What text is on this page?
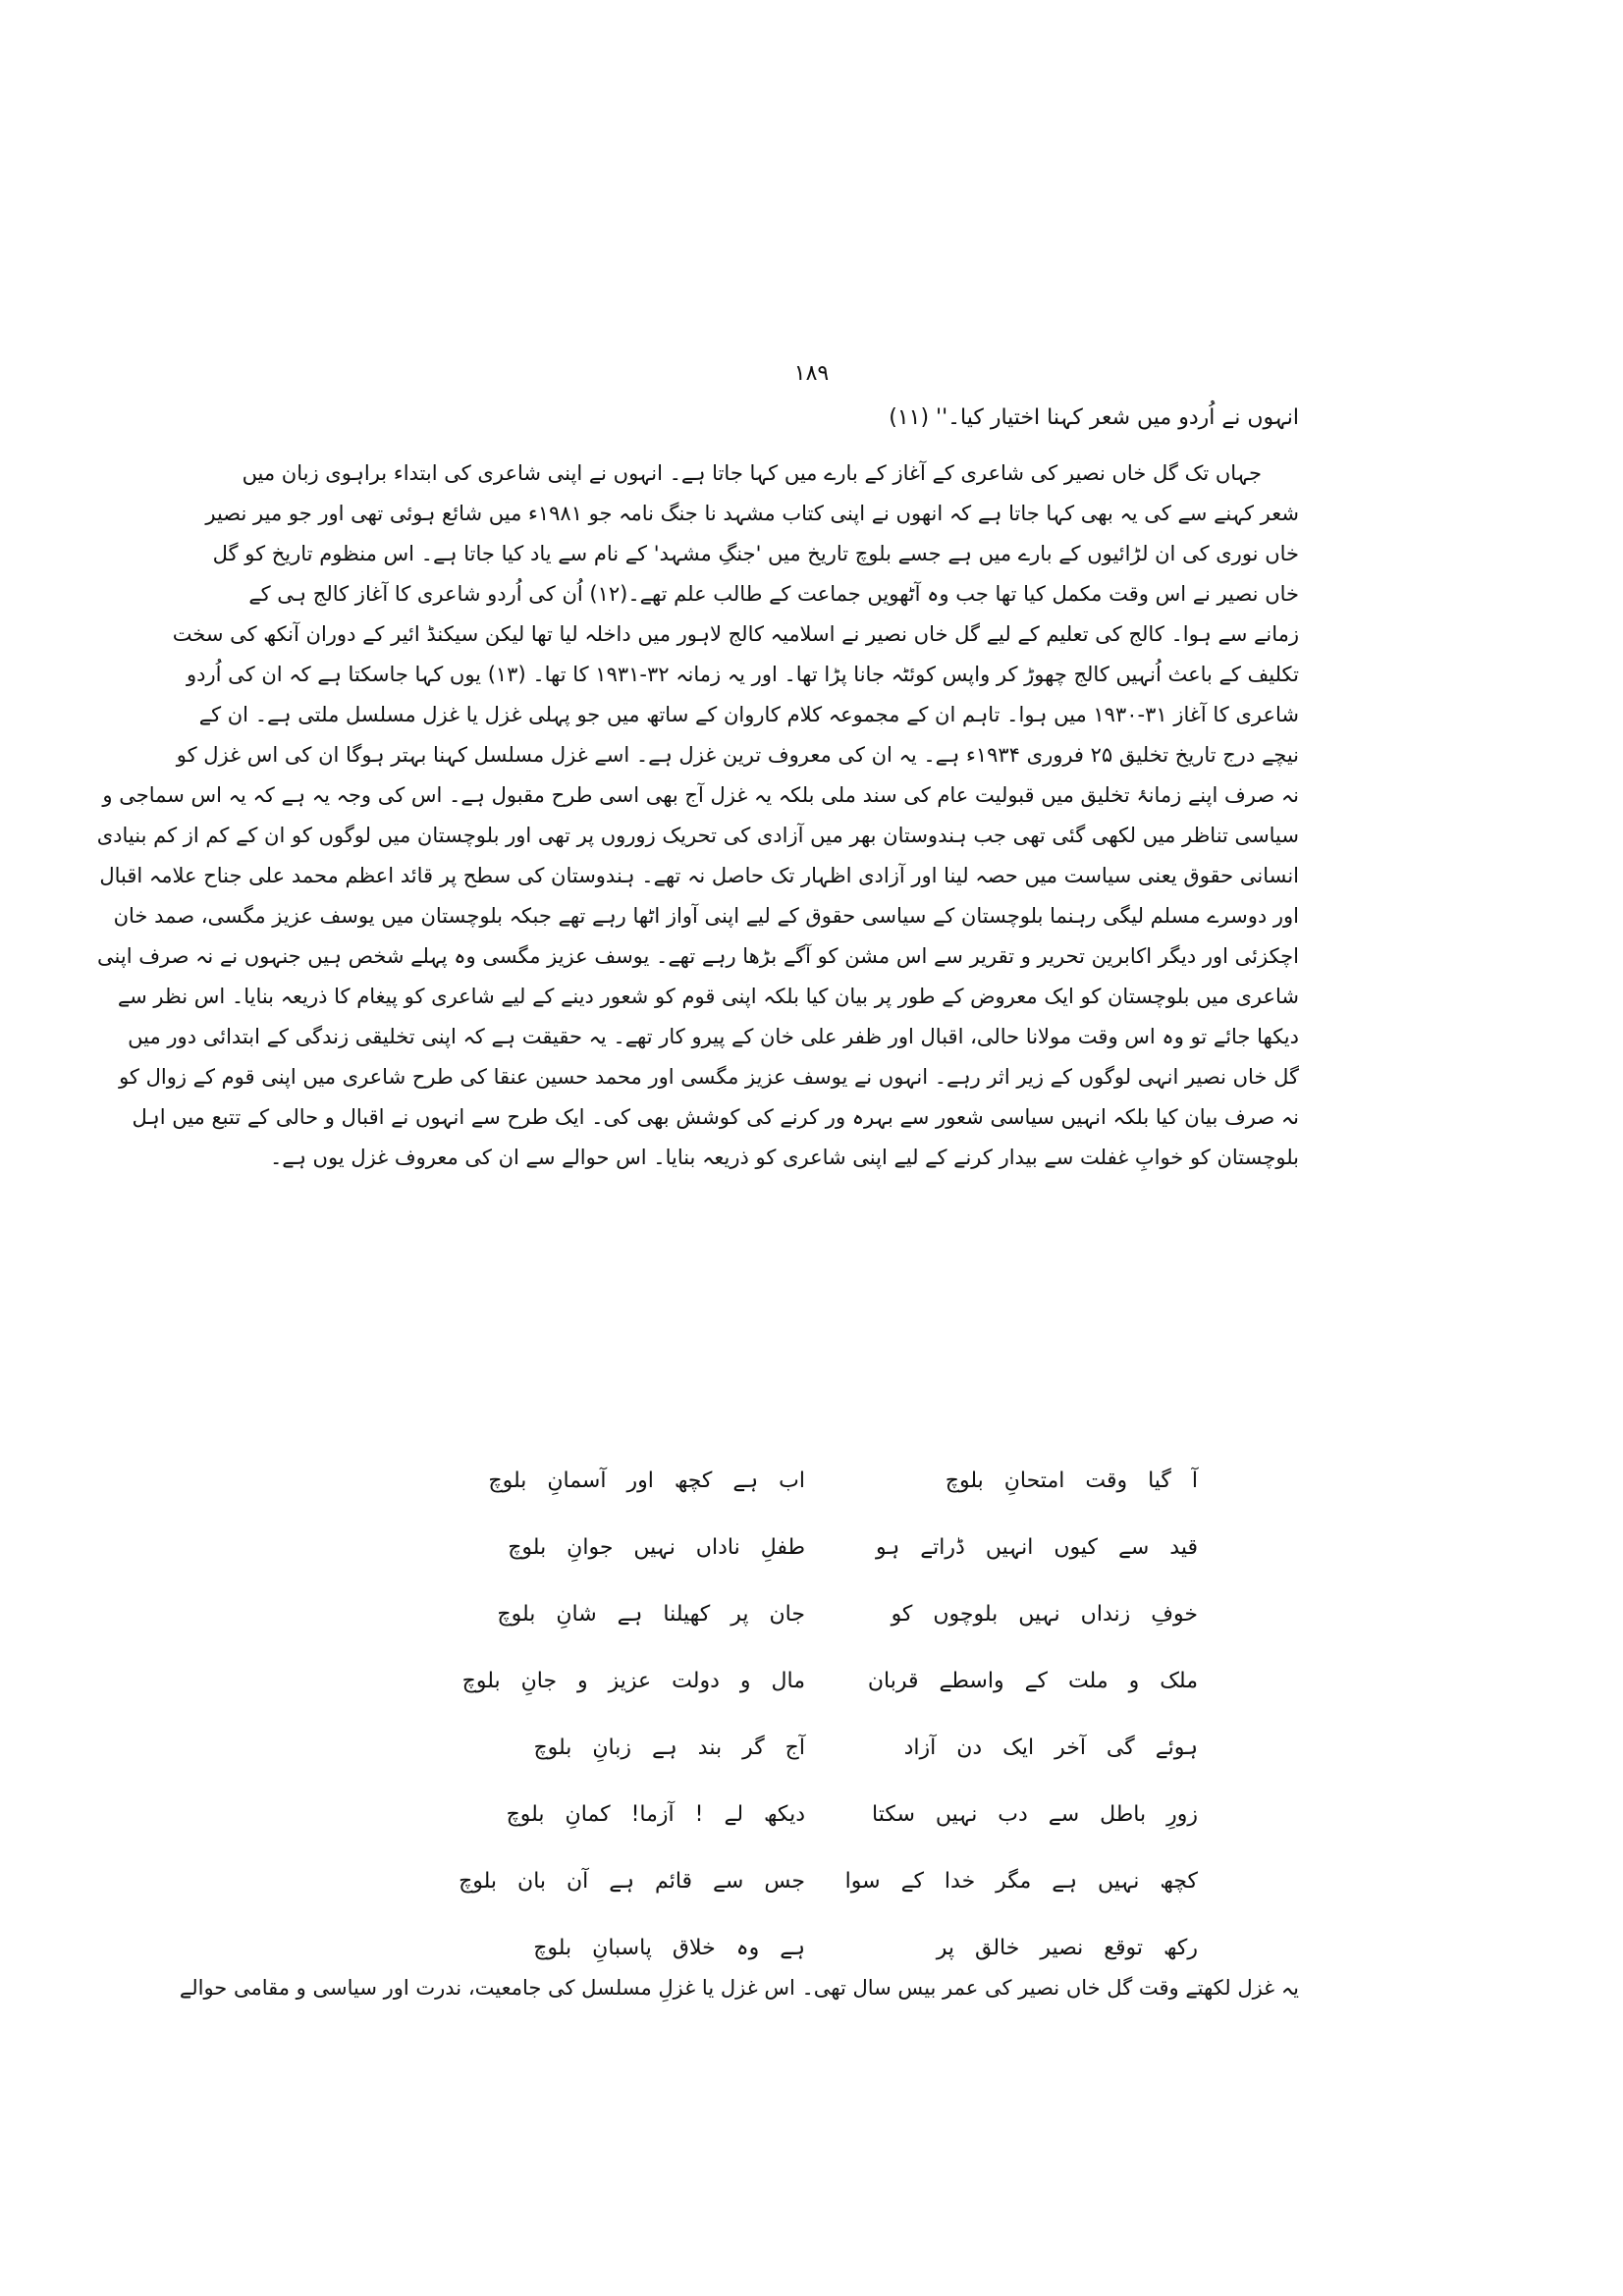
۱۸۹
انہوں نے اُردو میں شعر کہنا اختیار کیا۔'' (۱۱)
جہاں تک گل خاں نصیر کی شاعری کے آغاز کے بارے میں کہا جاتا ہے۔ انہوں نے اپنی شاعری کی ابتداء براہوی زبان میں
شعر کہنے سے کی یہ بھی کہا جاتا ہے کہ انھوں نے اپنی کتاب مشہد نا جنگ نامہ جو ۱۹۸۱ء میں شائع ہوئی تھی اور جو میر نصیر
خاں نوری کی ان لڑائیوں کے بارے میں ہے جسے بلوچ تاریخ میں 'جنگِ مشہد' کے نام سے یاد کیا جاتا ہے۔ اس منظوم تاریخ کو گل
خاں نصیر نے اس وقت مکمل کیا تھا جب وہ آٹھویں جماعت کے طالب علم تھے۔(۱۲) اُن کی اُردو شاعری کا آغاز کالج ہی کے
زمانے سے ہوا۔ کالج کی تعلیم کے لیے گل خاں نصیر نے اسلامیہ کالج لاہور میں داخلہ لیا تھا لیکن سیکنڈ ائیر کے دوران آنکھ کی سخت
تکلیف کے باعث اُنہیں کالج چھوڑ کر واپس کوئٹہ جانا پڑا تھا۔ اور یہ زمانہ ۳۲-۱۹۳۱ کا تھا۔ (۱۳) یوں کہا جاسکتا ہے کہ ان کی اُردو
شاعری کا آغاز ۳۱-۱۹۳۰ میں ہوا۔ تاہم ان کے مجموعہ کلام کاروان کے ساتھ میں جو پہلی غزل یا غزل مسلسل ملتی ہے۔ ان کے
نیچے درج تاریخ تخلیق ۲۵ فروری ۱۹۳۴ء ہے۔ یہ ان کی معروف ترین غزل ہے۔ اسے غزل مسلسل کہنا بہتر ہوگا ان کی اس غزل کو
نہ صرف اپنے زمانۂ تخلیق میں قبولیت عام کی سند ملی بلکہ یہ غزل آج بھی اسی طرح مقبول ہے۔ اس کی وجہ یہ ہے کہ یہ اس سماجی و
سیاسی تناظر میں لکھی گئی تھی جب ہندوستان بھر میں آزادی کی تحریک زوروں پر تھی اور بلوچستان میں لوگوں کو ان کے کم از کم بنیادی
انسانی حقوق یعنی سیاست میں حصہ لینا اور آزادی اظہار تک حاصل نہ تھے۔ ہندوستان کی سطح پر قائد اعظم محمد علی جناح علامہ اقبال
اور دوسرے مسلم لیگی رہنما بلوچستان کے سیاسی حقوق کے لیے اپنی آواز اٹھا رہے تھے جبکہ بلوچستان میں یوسف عزیز مگسی، صمد خان
اچکزئی اور دیگر اکابرین تحریر و تقریر سے اس مشن کو آگے بڑھا رہے تھے۔ یوسف عزیز مگسی وہ پہلے شخص ہیں جنہوں نے نہ صرف اپنی
شاعری میں بلوچستان کو ایک معروض کے طور پر بیان کیا بلکہ اپنی قوم کو شعور دینے کے لیے شاعری کو پیغام کا ذریعہ بنایا۔ اس نظر سے
دیکھا جائے تو وہ اس وقت مولانا حالی، اقبال اور ظفر علی خان کے پیرو کار تھے۔ یہ حقیقت ہے کہ اپنی تخلیقی زندگی کے ابتدائی دور میں
گل خاں نصیر انہی لوگوں کے زیر اثر رہے۔ انہوں نے یوسف عزیز مگسی اور محمد حسین عنقا کی طرح شاعری میں اپنی قوم کے زوال کو
نہ صرف بیان کیا بلکہ انہیں سیاسی شعور سے بہرہ ور کرنے کی کوشش بھی کی۔ ایک طرح سے انہوں نے اقبال و حالی کے تتبع میں اہل
بلوچستان کو خوابِ غفلت سے بیدار کرنے کے لیے اپنی شاعری کو ذریعہ بنایا۔ اس حوالے سے ان کی معروف غزل یوں ہے۔
آ گیا وقت امتحانِ بلوچ
اب ہے کچھ اور آسمانِ بلوچ
قید سے کیوں انہیں ڈراتے ہو
طفلِ ناداں نہیں جوانِ بلوچ
خوفِ زنداں نہیں بلوچوں کو
جان پر کھیلنا ہے شانِ بلوچ
ملک و ملت کے واسطے قربان
مال و دولت عزیز و جانِ بلوچ
ہوئے گی آخر ایک دن آزاد
آج گر بند ہے زبانِ بلوچ
زورِ باطل سے دب نہیں سکتا
دیکھ لے ! آزما! کمانِ بلوچ
کچھ نہیں ہے مگر خدا کے سوا
جس سے قائم ہے آن بان بلوچ
رکھ توقع نصیر خالق پر
ہے وہ خلاق پاسبانِ بلوچ
یہ غزل لکھتے وقت گل خاں نصیر کی عمر بیس سال تھی۔ اس غزل یا غزلِ مسلسل کی جامعیت، ندرت اور سیاسی و مقامی حوالے
